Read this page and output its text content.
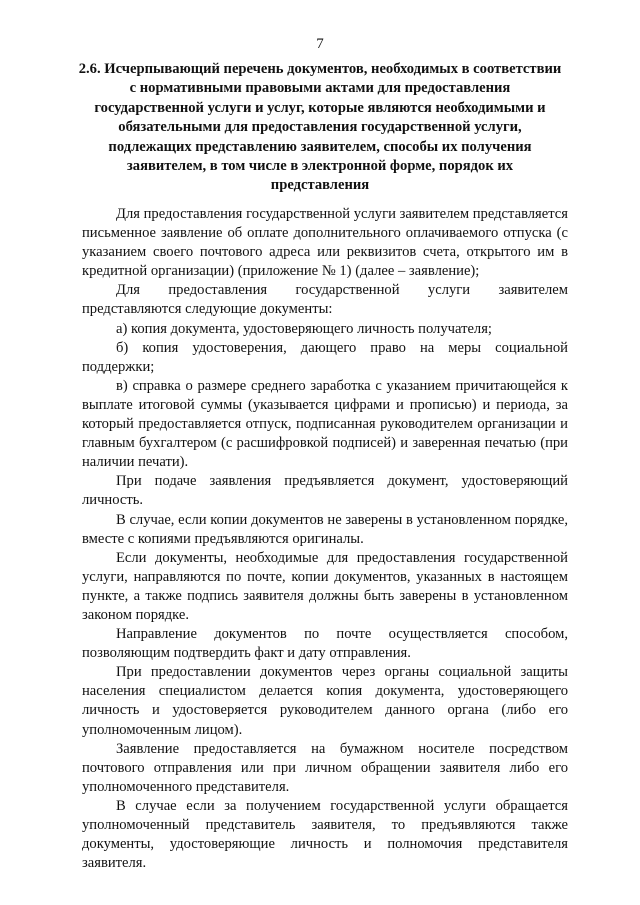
7
2.6. Исчерпывающий перечень документов, необходимых в соответствии с нормативными правовыми актами для предоставления государственной услуги и услуг, которые являются необходимыми и обязательными для предоставления государственной услуги, подлежащих представлению заявителем, способы их получения заявителем, в том числе в электронной форме, порядок их представления

Для предоставления государственной услуги заявителем представляется письменное заявление об оплате дополнительного оплачиваемого отпуска (с указанием своего почтового адреса или реквизитов счета, открытого им в кредитной организации) (приложение № 1) (далее – заявление);

Для предоставления государственной услуги заявителем представляются следующие документы:

а) копия документа, удостоверяющего личность получателя;

б) копия удостоверения, дающего право на меры социальной поддержки;

в) справка о размере среднего заработка с указанием причитающейся к выплате итоговой суммы (указывается цифрами и прописью) и периода, за который предоставляется отпуск, подписанная руководителем организации и главным бухгалтером (с расшифровкой подписей) и заверенная печатью (при наличии печати).

При подаче заявления предъявляется документ, удостоверяющий личность.

В случае, если копии документов не заверены в установленном порядке, вместе с копиями предъявляются оригиналы.

Если документы, необходимые для предоставления государственной услуги, направляются по почте, копии документов, указанных в настоящем пункте, а также подпись заявителя должны быть заверены в установленном законом порядке.

Направление документов по почте осуществляется способом, позволяющим подтвердить факт и дату отправления.

При предоставлении документов через органы социальной защиты населения специалистом делается копия документа, удостоверяющего личность и удостоверяется руководителем данного органа (либо его уполномоченным лицом).

Заявление предоставляется на бумажном носителе посредством почтового отправления или при личном обращении заявителя либо его уполномоченного представителя.

В случае если за получением государственной услуги обращается уполномоченный представитель заявителя, то предъявляются также документы, удостоверяющие личность и полномочия представителя заявителя.
